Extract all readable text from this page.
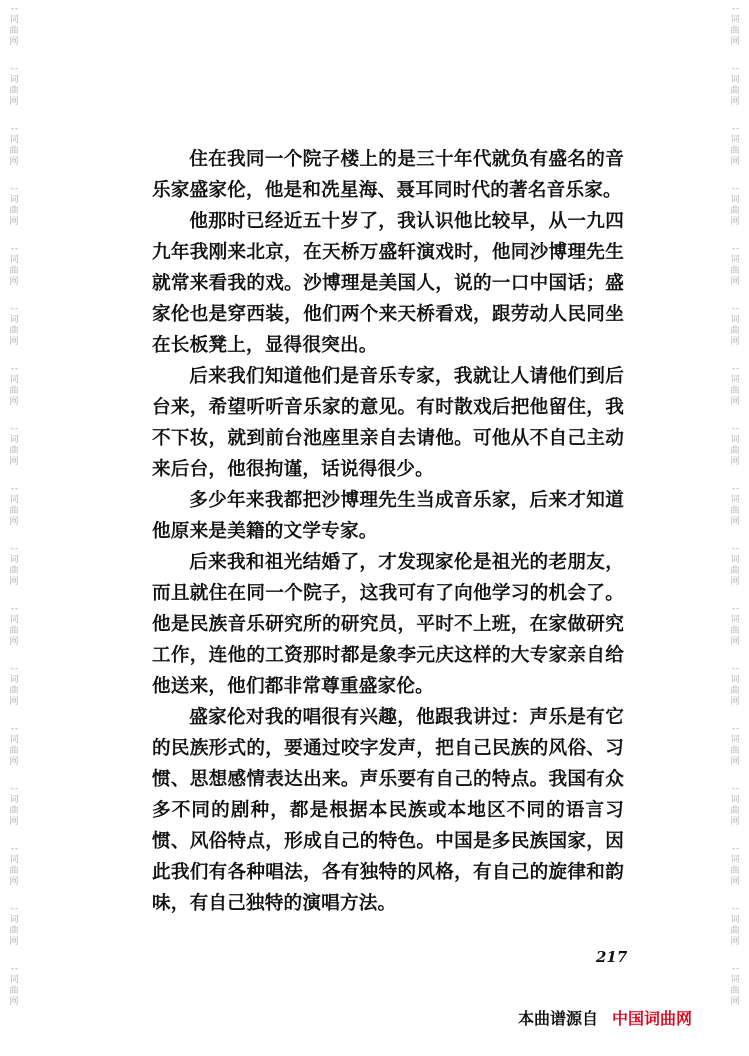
- -
词
曲
网
- -
词
曲
网
- -
词
曲
网
- -
词
曲
网
- -
词
曲
网
- -
词
曲
网
- -
词
曲
网
- -
词
曲
网
- -
词
曲
网
- -
词
曲
网
- -
词
曲
网
- -
词
曲
网
- -
词
曲
网
- -
词
曲
网
- -
词
曲
网
- -
词
曲
网
- -
词
曲
网
- -
词
曲
网
- -
词
曲
网
- -
词
曲
网
- -
词
曲
网
- -
词
曲
网
- -
词
曲
网
- -
词
曲
网
- -
词
曲
网
- -
词
曲
网
- -
词
曲
网
- -
词
曲
网
- -
词
曲
网
- -
词
曲
网
- -
词
曲
网
- -
词
曲
网
- -
词
曲
网
- -
词
曲
网

住在我同一个院子楼上的是三十年代就负有盛名的音乐家盛家伦，他是和冼星海、聂耳同时代的著名音乐家。

他那时已经近五十岁了，我认识他比较早，从一九四九年我刚来北京，在天桥万盛轩演戏时，他同沙博理先生就常来看我的戏。沙博理是美国人，说的一口中国话；盛家伦也是穿西装，他们两个来天桥看戏，跟劳动人民同坐在长板凳上，显得很突出。

后来我们知道他们是音乐专家，我就让人请他们到后台来，希望听听音乐家的意见。有时散戏后把他留住，我不下妆，就到前台池座里亲自去请他。可他从不自己主动来后台，他很拘谨，话说得很少。

多少年来我都把沙博理先生当成音乐家，后来才知道他原来是美籍的文学专家。

后来我和祖光结婚了，才发现家伦是祖光的老朋友，而且就住在同一个院子，这我可有了向他学习的机会了。他是民族音乐研究所的研究员，平时不上班，在家做研究工作，连他的工资那时都是象李元庆这样的大专家亲自给他送来，他们都非常尊重盛家伦。

盛家伦对我的唱很有兴趣，他跟我讲过：声乐是有它的民族形式的，要通过咬字发声，把自己民族的风俗、习惯、思想感情表达出来。声乐要有自己的特点。我国有众多不同的剧种，都是根据本民族或本地区不同的语言习惯、风俗特点，形成自己的特色。中国是多民族国家，因此我们有各种唱法，各有独特的风格，有自己的旋律和韵味，有自己独特的演唱方法。

217
本曲谱源自 中国词曲网
